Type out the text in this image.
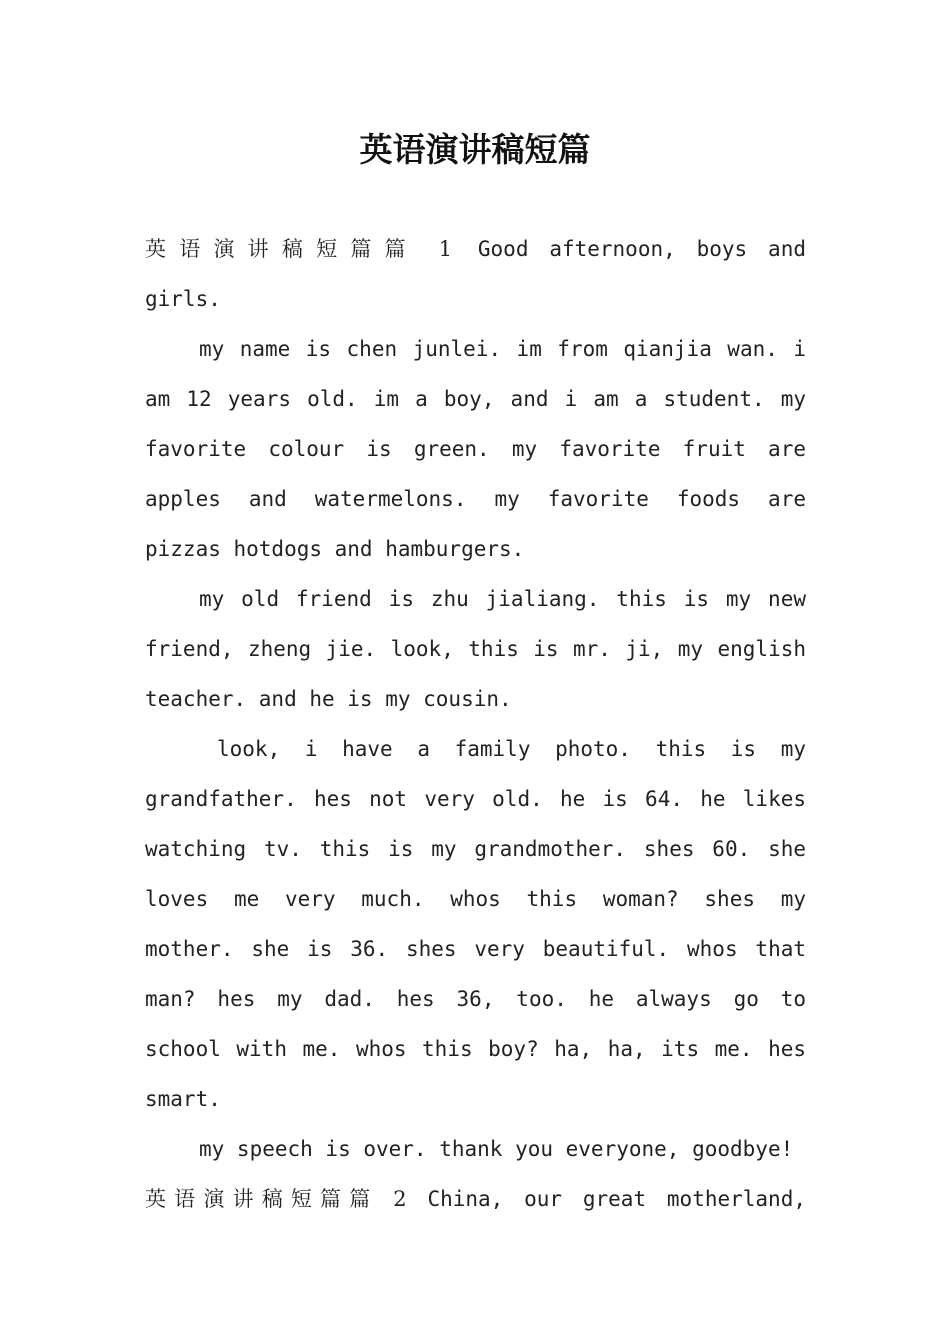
英语演讲稿短篇
英语演讲稿短篇篇 1 Good afternoon, boys and
girls.
my name is chen junlei. im from qianjia wan. i
am 12 years old. im a boy, and i am a student. my
favorite colour is green. my favorite fruit are
apples and watermelons. my favorite foods are
pizzas hotdogs and hamburgers.
my old friend is zhu jialiang. this is my new
friend, zheng jie. look, this is mr. ji, my english
teacher. and he is my cousin.
look, i have a family photo. this is my
grandfather. hes not very old. he is 64. he likes
watching tv. this is my grandmother. shes 60. she
loves me very much. whos this woman? shes my
mother. she is 36. shes very beautiful. whos that
man? hes my dad. hes 36, too. he always go to
school with me. whos this boy? ha, ha, its me. hes
smart.
my speech is over. thank you everyone, goodbye!
英语演讲稿短篇篇 2 China, our great motherland,
